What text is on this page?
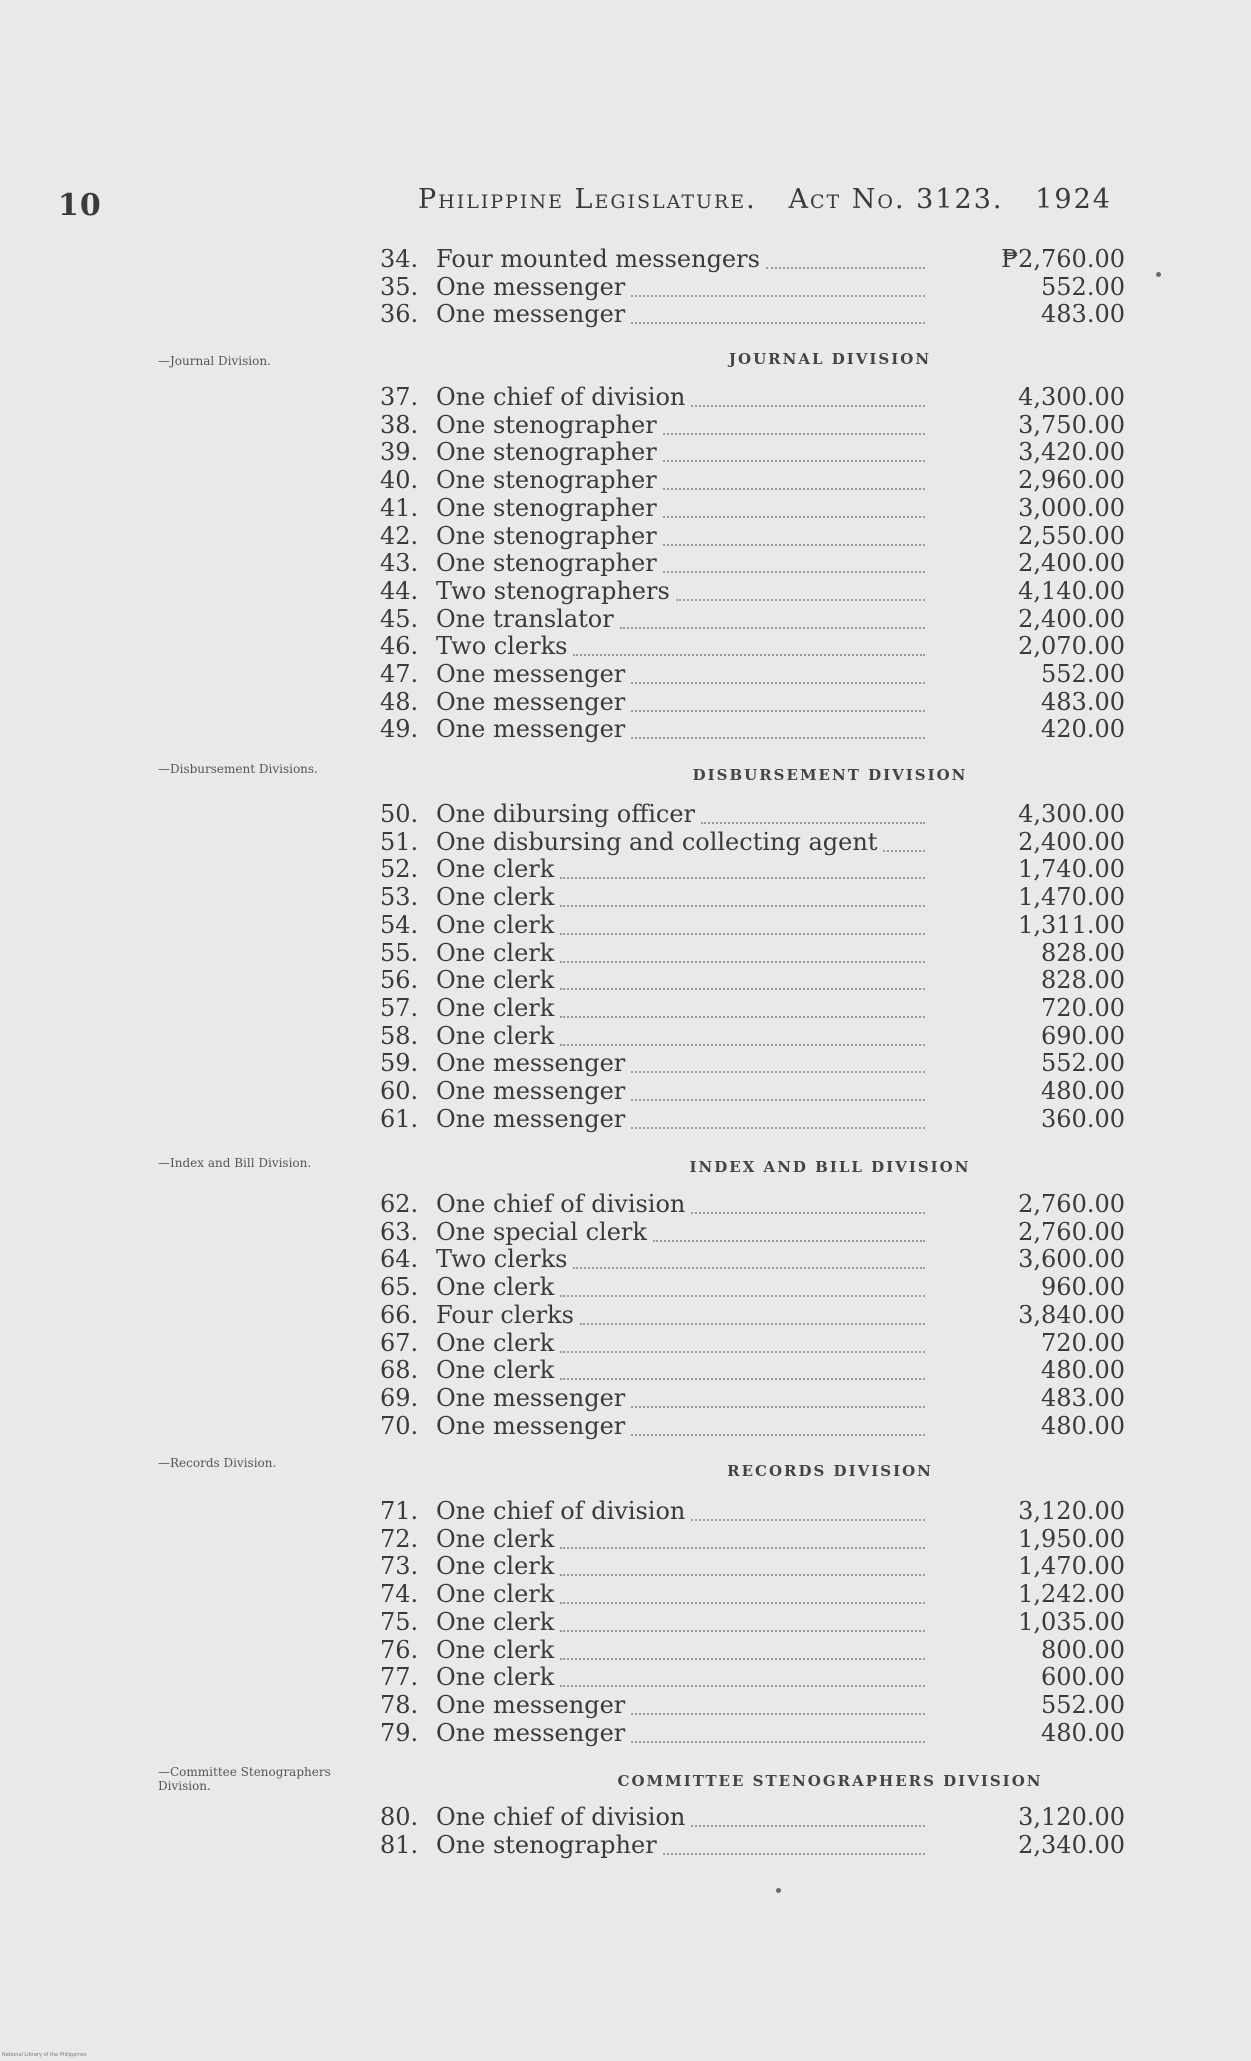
10	Philippine Legislature. Act No. 3123. 1924
—Journal Division.	JOURNAL DIVISION
—Disbursement Divisions.	DISBURSEMENT DIVISION
—Index and Bill Division.	INDEX AND BILL DIVISION
—Records Division.	RECORDS DIVISION
—Committee Stenographers Division.	COMMITTEE STENOGRAPHERS DIVISION
34. Four mounted messengers	₱2,760.00
35. One messenger	552.00
36. One messenger	483.00
37. One chief of division	4,300.00
38. One stenographer	3,750.00
39. One stenographer	3,420.00
40. One stenographer	2,960.00
41. One stenographer	3,000.00
42. One stenographer	2,550.00
43. One stenographer	2,400.00
44. Two stenographers	4,140.00
45. One translator	2,400.00
46. Two clerks	2,070.00
47. One messenger	552.00
48. One messenger	483.00
49. One messenger	420.00
50. One dibursing officer	4,300.00
51. One disbursing and collecting agent	2,400.00
52. One clerk	1,740.00
53. One clerk	1,470.00
54. One clerk	1,311.00
55. One clerk	828.00
56. One clerk	828.00
57. One clerk	720.00
58. One clerk	690.00
59. One messenger	552.00
60. One messenger	480.00
61. One messenger	360.00
62. One chief of division	2,760.00
63. One special clerk	2,760.00
64. Two clerks	3,600.00
65. One clerk	960.00
66. Four clerks	3,840.00
67. One clerk	720.00
68. One clerk	480.00
69. One messenger	483.00
70. One messenger	480.00
71. One chief of division	3,120.00
72. One clerk	1,950.00
73. One clerk	1,470.00
74. One clerk	1,242.00
75. One clerk	1,035.00
76. One clerk	800.00
77. One clerk	600.00
78. One messenger	552.00
79. One messenger	480.00
80. One chief of division	3,120.00
81. One stenographer	2,340.00
National Library of the Philippines
